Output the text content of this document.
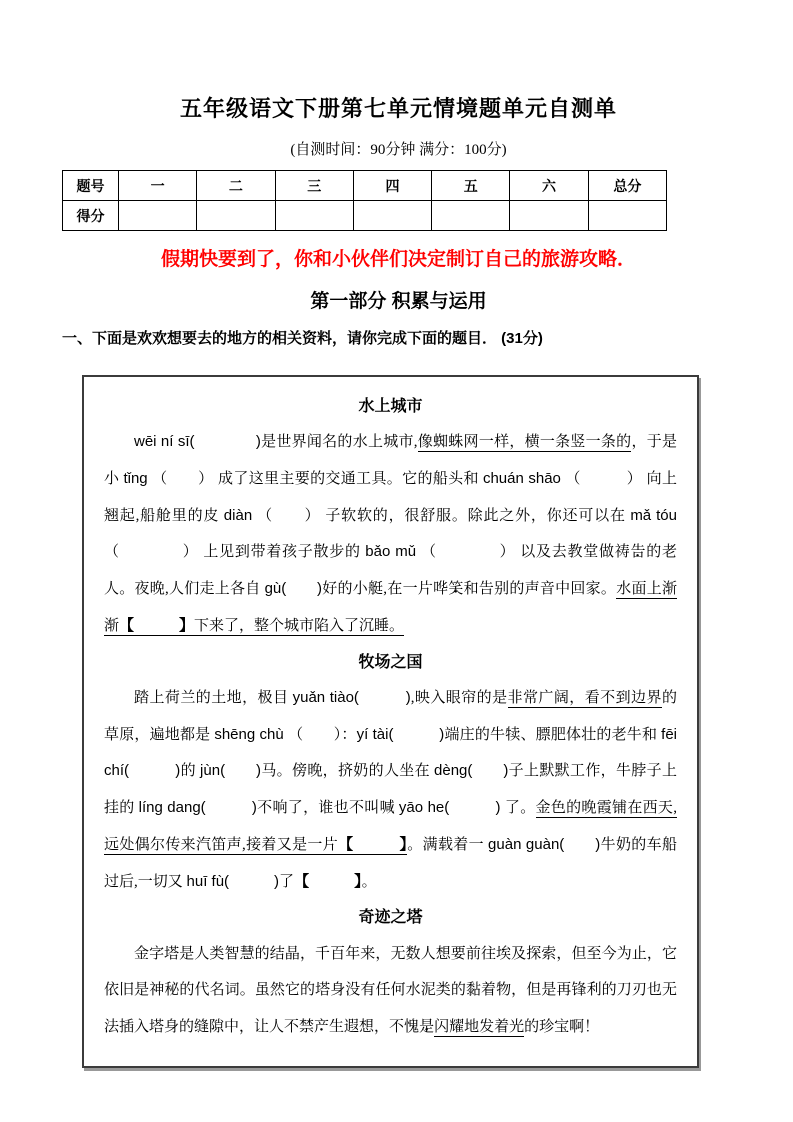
五年级语文下册第七单元情境题单元自测单
(自测时间：90分钟 满分：100分)
题号	一	二	三	四	五	六	总分
得分							
假期快要到了，你和小伙伴们决定制订自己的旅游攻略．
第一部分 积累与运用
一、下面是欢欢想要去的地方的相关资料，请你完成下面的题目． (31分)
水上城市

wēi ní sī(　　　　)是世界闻名的水上城市,像蜘蛛网一样，横一条竖一条的，于是小 tǐng （　　） 成了这里主要的交通工具。它的船头和 chuán shāo （　　　） 向上翘起,船舱里的皮 diàn （　　） 子软软的，很舒服。除此之外，你还可以在 mǎ tóu （　　　　） 上见到带着孩子散步的 bǎo mǔ （　　　　） 以及去教堂做祷 ●告的老人。夜晚,人们走上各自 gù(　　)好的小艇,在一片哗 ●笑和告别的声音中回家。水面上渐渐【　　　】下来了，整个城市陷入了沉睡。

牧场之国

踏上荷兰的土地，极目 yuǎn tiào(　　　),映入眼帘的是非常广阔，看不到边界的草原，遍地都是 shēng chù （　　）：yí tài(　　　)端庄的牛犊、膘肥体壮的老牛和 fēi chí(　　　)的 jùn(　　)马。傍晚，挤奶的人坐在 dèng(　　)子上默默工作，牛脖子上挂的 líng dang(　　　)不响了，谁也不叫喊 yāo he(　　　) 了。金色的晚霞铺在西天,远处偶尔传来汽笛声,接着又是一片【　　　】。满载着一 guàn guàn(　　)牛奶的车船过后,一切又 huī fù(　　　)了【　　　】。

奇迹之塔

金字塔是人类智慧的结晶，千百年来，无数人想要前往埃及探索，但至今为止，它依旧是神秘的代名词。虽然它的塔身没有任何水泥类的黏着物，但是再锋利的刀刃也无法插入塔身的缝隙中，让人不禁 ●产生遐想，不愧 ●是闪耀地发着光的珍宝啊！
